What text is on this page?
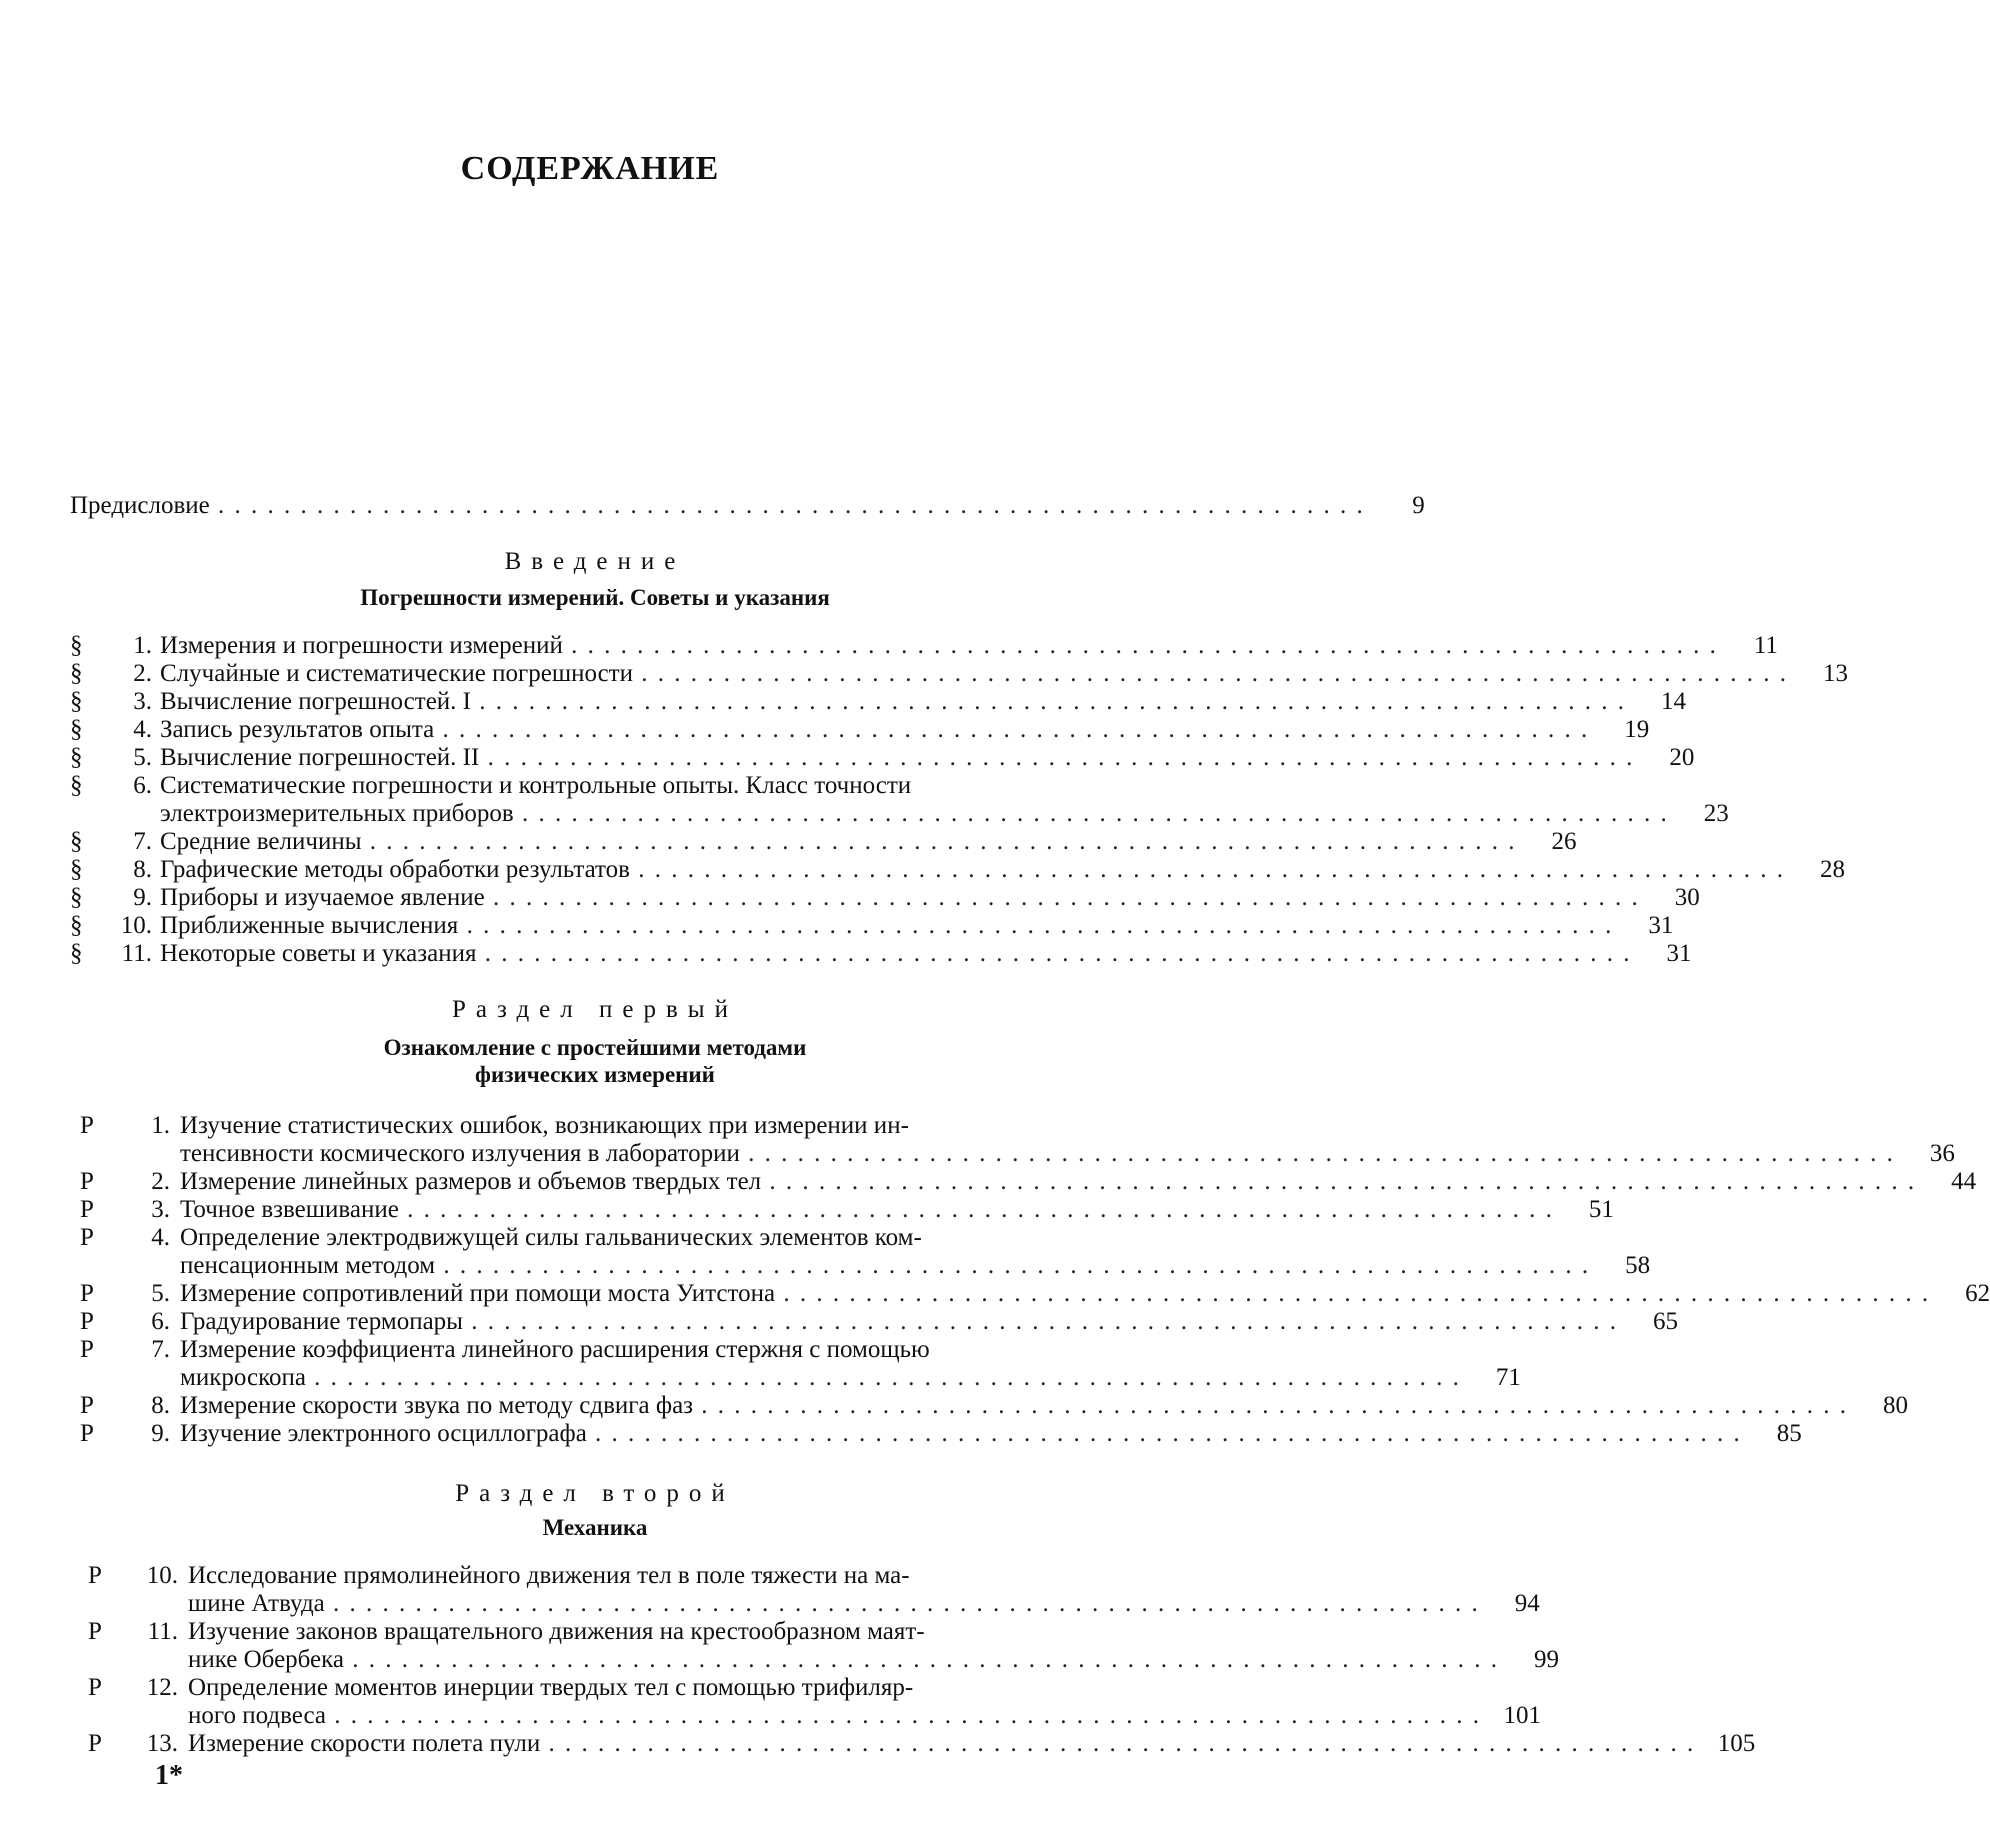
СОДЕРЖАНИЕ
Предисловие . . .	9
Введение
Погрешности измерений. Советы и указания
§	1. Измерения и погрешности измерений . . .	11
§	2. Случайные и систематические погрешности . . .	13
§	3. Вычисление погрешностей. I . . .	14
§	4. Запись результатов опыта . . .	19
§	5. Вычисление погрешностей. II . . .	20
§	6. Систематические погрешности и контрольные опыты. Класс точности
электроизмерительных приборов . . .	23
§	7. Средние величины . . .	26
§	8. Графические методы обработки результатов . . .	28
§	9. Приборы и изучаемое явление . . .	30
§	10. Приближенные вычисления . . .	31
§	11. Некоторые советы и указания . . .	31
Раздел первый
Ознакомление с простейшими методами
физических измерений
Р	1. Изучение статистических ошибок, возникающих при измерении ин-
тенсивности космического излучения в лаборатории . . .	36
Р	2. Измерение линейных размеров и объемов твердых тел . . .	44
Р	3. Точное взвешивание . . .	51
Р	4. Определение электродвижущей силы гальванических элементов ком-
пенсационным методом . . .	58
Р	5. Измерение сопротивлений при помощи моста Уитстона . . .	62
Р	6. Градуирование термопары . . .	65
Р	7. Измерение коэффициента линейного расширения стержня с помощью
микроскопа . . .	71
Р	8. Измерение скорости звука по методу сдвига фаз . . .	80
Р	9. Изучение электронного осциллографа . . .	85
Раздел второй
Механика
Р	10. Исследование прямолинейного движения тел в поле тяжести на ма-
шине Атвуда . . .	94
Р	11. Изучение законов вращательного движения на крестообразном маят-
нике Обербека . . .	99
Р	12. Определение моментов инерции твердых тел с помощью трифиляр-
ного подвеса . . .	101
Р	13. Измерение скорости полета пули . . .	105
1*
